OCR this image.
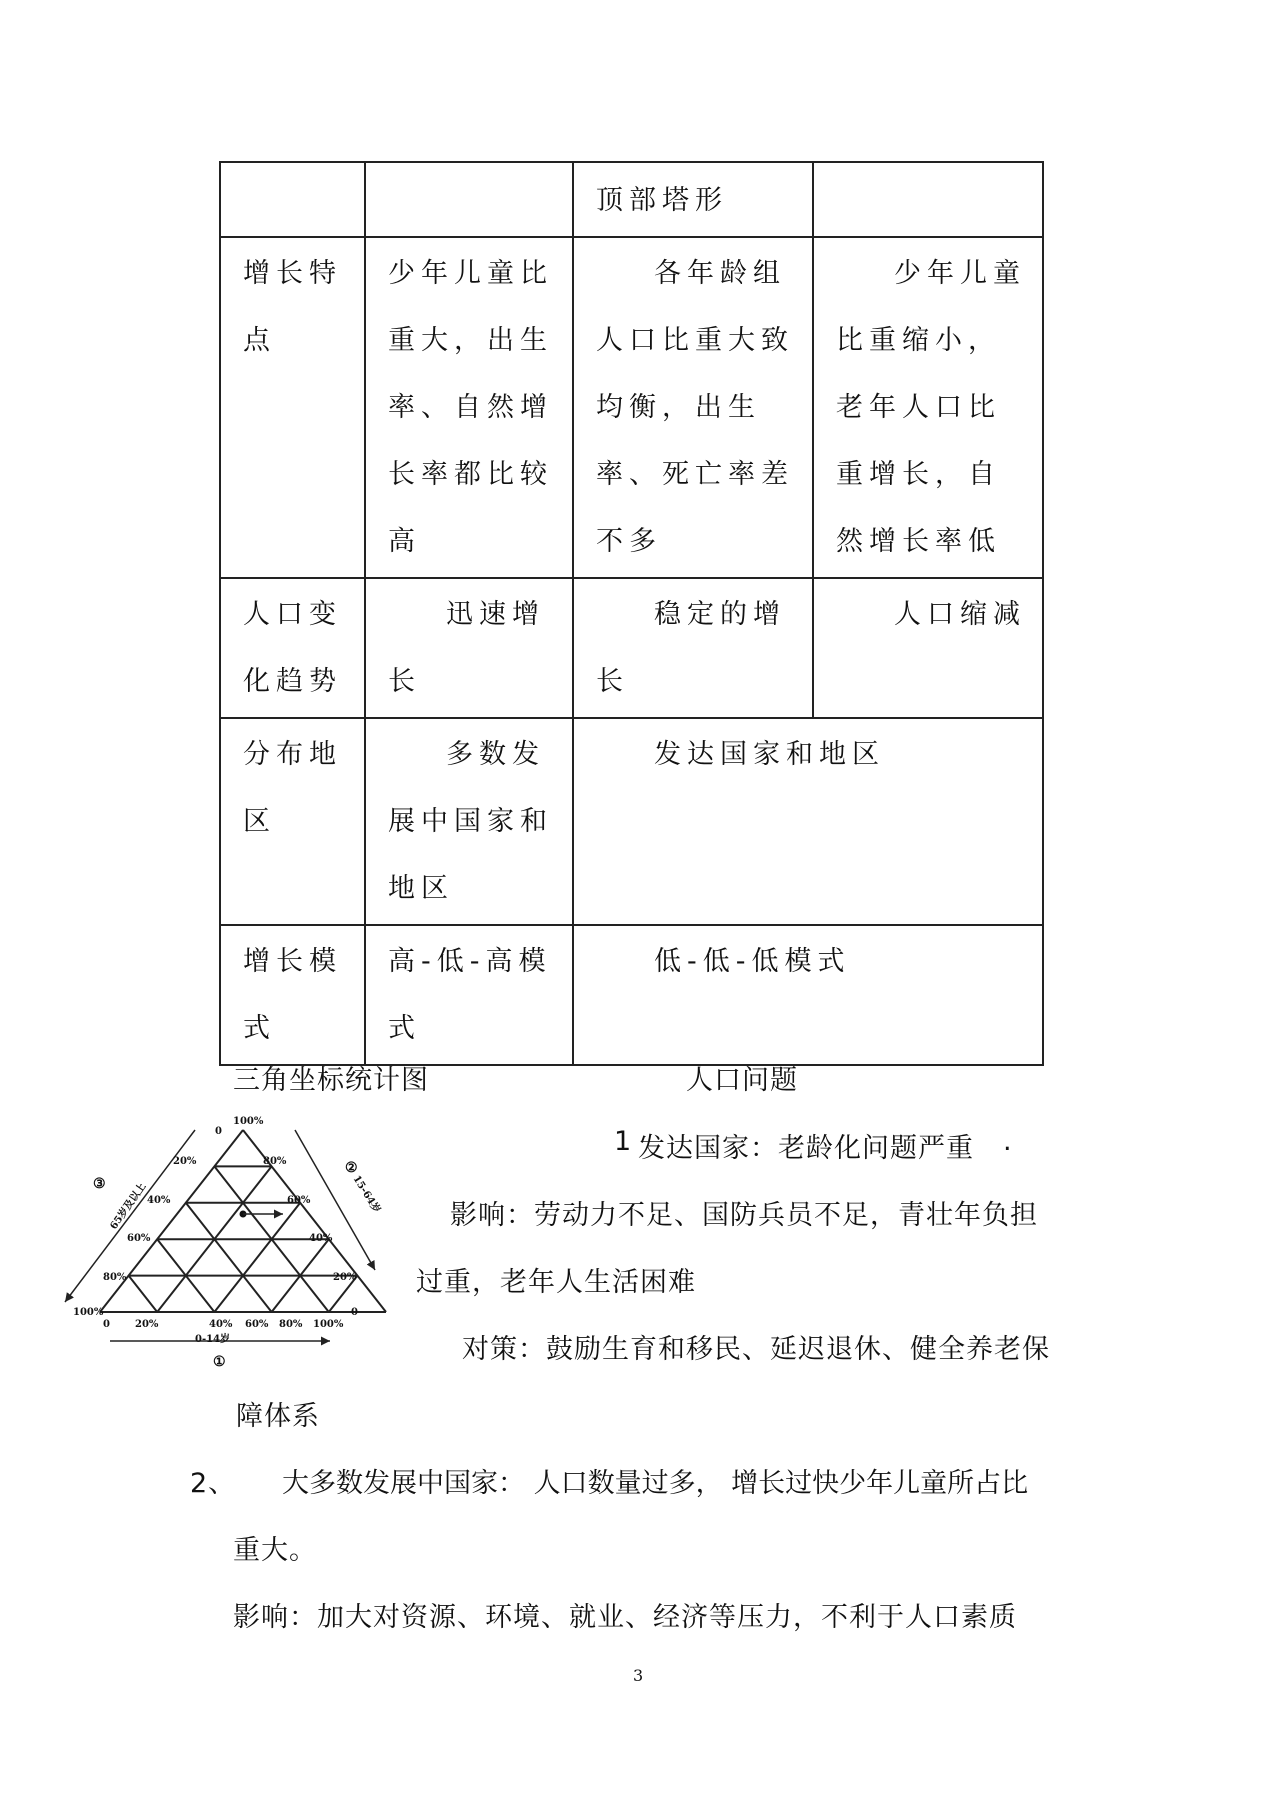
		顶部塔形	
增长特点	少年儿童比重大，出生率、自然增长率都比较高	各年龄组人口比重大致均衡，出生率、死亡率差不多	少年儿童比重缩小，老年人口比重增长，自然增长率低
人口变化趋势	迅速增长	稳定的增长	人口缩减
分布地区	多数发展中国家和地区	发达国家和地区	
增长模式	高-低-高模式	低-低-低模式	
三角坐标统计图	人口问题
100%
0
20%
40%
60%
80%
100%
80%
60%
40%
20%
0
0	20%	40% 60% 80% 100%
65岁及以上
③	15-64岁
②
0-14岁
①
1 发达国家：老龄化问题严重 .
影响：劳动力不足、国防兵员不足，青壮年负担
过重，老年人生活困难
对策：鼓励生育和移民、延迟退休、健全养老保
障体系
2、 大多数发展中国家： 人口数量过多， 增长过快少年儿童所占比
重大。
影响：加大对资源、环境、就业、经济等压力，不利于人口素质
3
